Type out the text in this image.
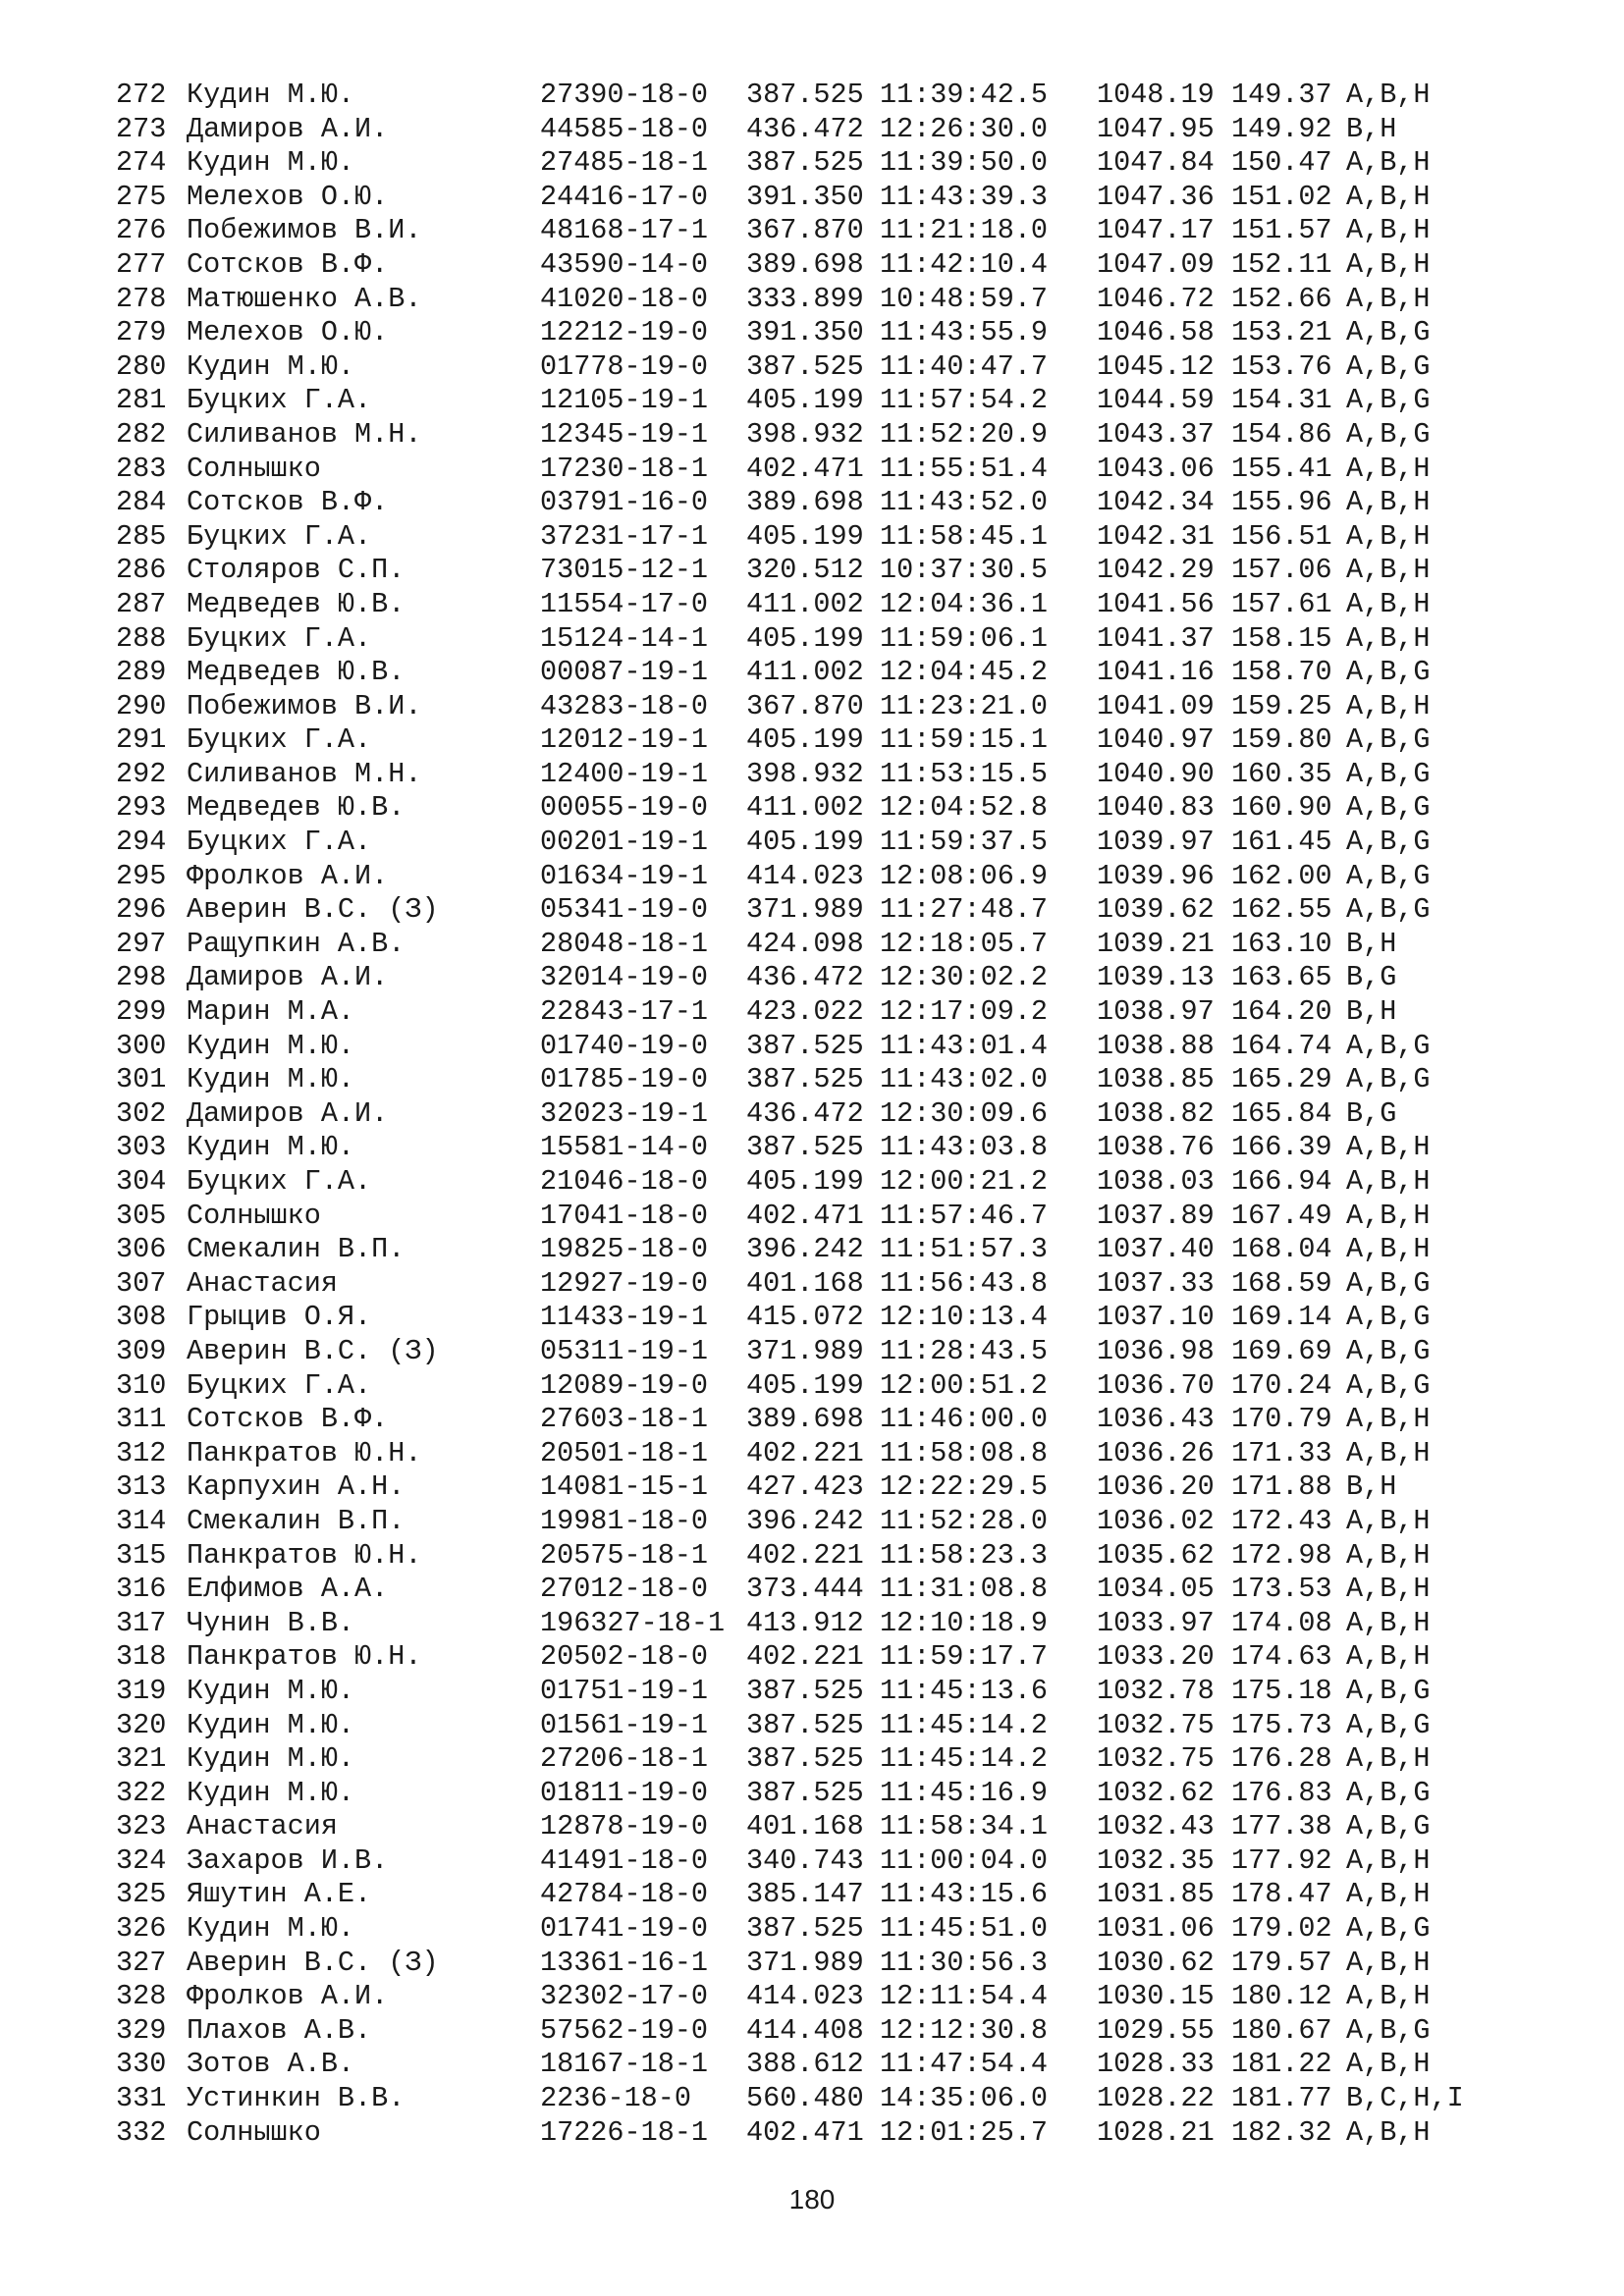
272 Кудин М.Ю.	27390-18-0 387.525 11:39:42.5	1048.19 149.37 A,B,H
273 Дамиров А.И.	44585-18-0 436.472 12:26:30.0	1047.95 149.92 B,H
274 Кудин М.Ю.	27485-18-1 387.525 11:39:50.0	1047.84 150.47 A,B,H
275 Мелехов О.Ю.	24416-17-0 391.350 11:43:39.3	1047.36 151.02 A,B,H
276 Побежимов В.И.	48168-17-1 367.870 11:21:18.0	1047.17 151.57 A,B,H
277 Сотсков В.Ф.	43590-14-0 389.698 11:42:10.4	1047.09 152.11 A,B,H
278 Матюшенко А.В.	41020-18-0 333.899 10:48:59.7	1046.72 152.66 A,B,H
279 Мелехов О.Ю.	12212-19-0 391.350 11:43:55.9	1046.58 153.21 A,B,G
280 Кудин М.Ю.	01778-19-0 387.525 11:40:47.7	1045.12 153.76 A,B,G
281 Буцких Г.А.	12105-19-1 405.199 11:57:54.2	1044.59 154.31 A,B,G
282 Силиванов М.Н.	12345-19-1 398.932 11:52:20.9	1043.37 154.86 A,B,G
283 Солнышко	17230-18-1 402.471 11:55:51.4	1043.06 155.41 A,B,H
284 Сотсков В.Ф.	03791-16-0 389.698 11:43:52.0	1042.34 155.96 A,B,H
285 Буцких Г.А.	37231-17-1 405.199 11:58:45.1	1042.31 156.51 A,B,H
286 Столяров С.П.	73015-12-1 320.512 10:37:30.5	1042.29 157.06 A,B,H
287 Медведев Ю.В.	11554-17-0 411.002 12:04:36.1	1041.56 157.61 A,B,H
288 Буцких Г.А.	15124-14-1 405.199 11:59:06.1	1041.37 158.15 A,B,H
289 Медведев Ю.В.	00087-19-1 411.002 12:04:45.2	1041.16 158.70 A,B,G
290 Побежимов В.И.	43283-18-0 367.870 11:23:21.0	1041.09 159.25 A,B,H
291 Буцких Г.А.	12012-19-1 405.199 11:59:15.1	1040.97 159.80 A,B,G
292 Силиванов М.Н.	12400-19-1 398.932 11:53:15.5	1040.90 160.35 A,B,G
293 Медведев Ю.В.	00055-19-0 411.002 12:04:52.8	1040.83 160.90 A,B,G
294 Буцких Г.А.	00201-19-1 405.199 11:59:37.5	1039.97 161.45 A,B,G
295 Фролков А.И.	01634-19-1 414.023 12:08:06.9	1039.96 162.00 A,B,G
296 Аверин В.С. (З)	05341-19-0 371.989 11:27:48.7	1039.62 162.55 A,B,G
297 Ращупкин А.В.	28048-18-1 424.098 12:18:05.7	1039.21 163.10 B,H
298 Дамиров А.И.	32014-19-0 436.472 12:30:02.2	1039.13 163.65 B,G
299 Марин М.А.	22843-17-1 423.022 12:17:09.2	1038.97 164.20 B,H
300 Кудин М.Ю.	01740-19-0 387.525 11:43:01.4	1038.88 164.74 A,B,G
301 Кудин М.Ю.	01785-19-0 387.525 11:43:02.0	1038.85 165.29 A,B,G
302 Дамиров А.И.	32023-19-1 436.472 12:30:09.6	1038.82 165.84 B,G
303 Кудин М.Ю.	15581-14-0 387.525 11:43:03.8	1038.76 166.39 A,B,H
304 Буцких Г.А.	21046-18-0 405.199 12:00:21.2	1038.03 166.94 A,B,H
305 Солнышко	17041-18-0 402.471 11:57:46.7	1037.89 167.49 A,B,H
306 Смекалин В.П.	19825-18-0 396.242 11:51:57.3	1037.40 168.04 A,B,H
307 Анастасия	12927-19-0 401.168 11:56:43.8	1037.33 168.59 A,B,G
308 Грыцив О.Я.	11433-19-1 415.072 12:10:13.4	1037.10 169.14 A,B,G
309 Аверин В.С. (З)	05311-19-1 371.989 11:28:43.5	1036.98 169.69 A,B,G
310 Буцких Г.А.	12089-19-0 405.199 12:00:51.2	1036.70 170.24 A,B,G
311 Сотсков В.Ф.	27603-18-1 389.698 11:46:00.0	1036.43 170.79 A,B,H
312 Панкратов Ю.Н.	20501-18-1 402.221 11:58:08.8	1036.26 171.33 A,B,H
313 Карпухин А.Н.	14081-15-1 427.423 12:22:29.5	1036.20 171.88 B,H
314 Смекалин В.П.	19981-18-0 396.242 11:52:28.0	1036.02 172.43 A,B,H
315 Панкратов Ю.Н.	20575-18-1 402.221 11:58:23.3	1035.62 172.98 A,B,H
316 Елфимов А.А.	27012-18-0 373.444 11:31:08.8	1034.05 173.53 A,B,H
317 Чунин В.В.	196327-18-1 413.912 12:10:18.9	1033.97 174.08 A,B,H
318 Панкратов Ю.Н.	20502-18-0 402.221 11:59:17.7	1033.20 174.63 A,B,H
319 Кудин М.Ю.	01751-19-1 387.525 11:45:13.6	1032.78 175.18 A,B,G
320 Кудин М.Ю.	01561-19-1 387.525 11:45:14.2	1032.75 175.73 A,B,G
321 Кудин М.Ю.	27206-18-1 387.525 11:45:14.2	1032.75 176.28 A,B,H
322 Кудин М.Ю.	01811-19-0 387.525 11:45:16.9	1032.62 176.83 A,B,G
323 Анастасия	12878-19-0 401.168 11:58:34.1	1032.43 177.38 A,B,G
324 Захаров И.В.	41491-18-0 340.743 11:00:04.0	1032.35 177.92 A,B,H
325 Яшутин А.Е.	42784-18-0 385.147 11:43:15.6	1031.85 178.47 A,B,H
326 Кудин М.Ю.	01741-19-0 387.525 11:45:51.0	1031.06 179.02 A,B,G
327 Аверин В.С. (З)	13361-16-1 371.989 11:30:56.3	1030.62 179.57 A,B,H
328 Фролков А.И.	32302-17-0 414.023 12:11:54.4	1030.15 180.12 A,B,H
329 Плахов А.В.	57562-19-0 414.408 12:12:30.8	1029.55 180.67 A,B,G
330 Зотов А.В.	18167-18-1 388.612 11:47:54.4	1028.33 181.22 A,B,H
331 Устинкин В.В.	2236-18-0 560.480 14:35:06.0	1028.22 181.77 B,C,H,I
332 Солнышко	17226-18-1 402.471 12:01:25.7	1028.21 182.32 A,B,H
180
